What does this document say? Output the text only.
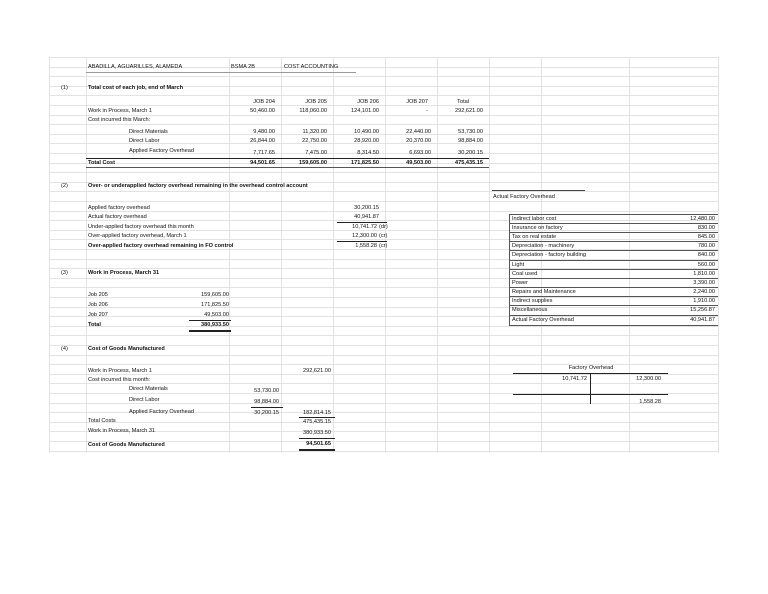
ABADILLA, AGUARILLES, ALAMEDA	BSMA 2B	COST ACCOUNTING
(1)	Total cost of each job, end of March
JOB 204	JOB 205	JOB 206	JOB 207	Total
Work in Process, March 1	50,460.00	118,060.00	124,101.00	-	292,621.00
Cost incurred this March:
Direct Materials	9,480.00	11,320.00	10,490.00	22,440.00	53,730.00
Direct Labor	26,844.00	22,750.00	28,920.00	20,370.00	98,884.00
Applied Factory Overhead	7,717.65	7,475.00	8,314.50	6,693.00	30,200.15
Total Cost	94,501.65	159,605.00	171,825.50	49,503.00	475,435.15
(2)	Over- or underapplied factory overhead remaining in the overhead control account
Applied factory overhead	30,200.15
Actual factory overhead	40,941.87
Under-applied factory overhead this month	10,741.72 (dr)
Over-applied factory overhead, March 1	12,300.00 (cr)
Over-applied factory overhead remaining in FO control	1,558.28 (cr)
Actual Factory Overhead
Indirect labor cost	12,480.00
Insurance on factory	830.00
Tax on real estate	845.00
Depreciation - machinery	780.00
Depreciation - factory building	840.00
Light	560.00
Coal used	1,810.00
Power	3,390.00
Repairs and Maintenance	2,240.00
Indirect supplies	1,910.00
Miscellaneous	15,256.87
Actual Factory Overhead	40,941.87
(3)	Work in Process, March 31
Job 205	159,605.00
Job 206	171,825.50
Job 207	49,503.00
Total	380,933.50
(4)	Cost of Goods Manufactured
Work in Process, March 1	292,621.00
Cost incurred this month:
Direct Materials	53,730.00
Direct Labor	98,884.00
Applied Factory Overhead	30,200.15	182,814.15
Total Costs	475,435.15
Work in Process, March 31	380,933.50
Cost of Goods Manufactured	94,501.65
Factory Overhead
10,741.72	12,300.00
1,558.28
